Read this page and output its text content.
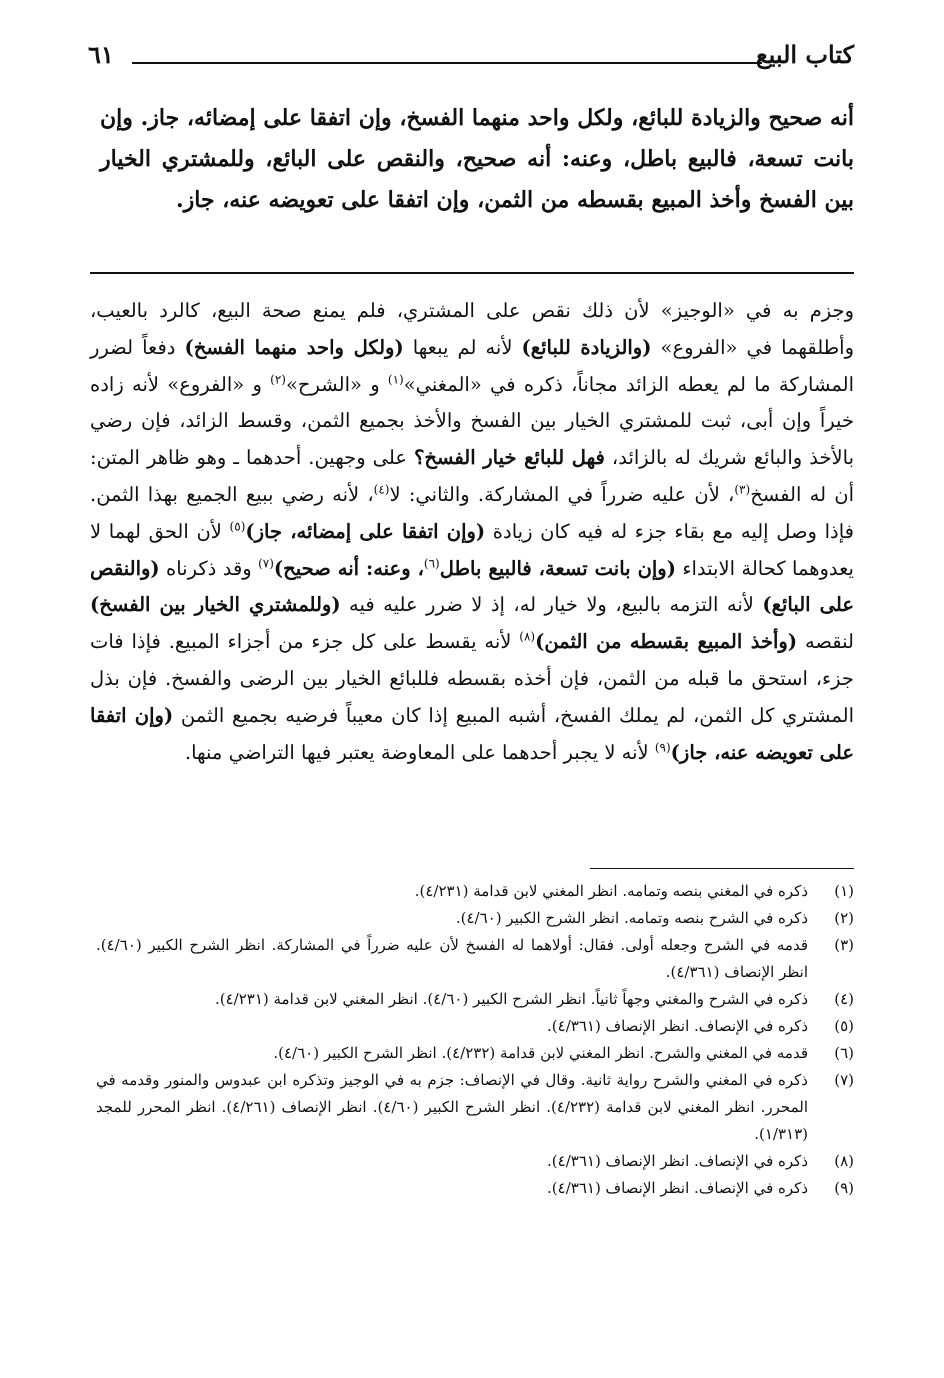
كتاب البيع
٦١
أنه صحيح والزيادة للبائع، ولكل واحد منهما الفسخ، وإن اتفقا على إمضائه، جاز. وإن بانت تسعة، فالبيع باطل، وعنه: أنه صحيح، والنقص على البائع، وللمشتري الخيار بين الفسخ وأخذ المبيع بقسطه من الثمن، وإن اتفقا على تعويضه عنه، جاز.

وجزم به في «الوجيز» لأن ذلك نقص على المشتري، فلم يمنع صحة البيع، كالرد بالعيب، وأطلقهما في «الفروع» (والزيادة للبائع) لأنه لم يبعها (ولكل واحد منهما الفسخ) دفعاً لضرر المشاركة ما لم يعطه الزائد مجاناً، ذكره في «المغني»$^{(١)}$ و «الشرح»$^{(٢)}$ و «الفروع» لأنه زاده خيراً وإن أبى، ثبت للمشتري الخيار بين الفسخ والأخذ بجميع الثمن، وقسط الزائد، فإن رضي بالأخذ والبائع شريك له بالزائد، فهل للبائع خيار الفسخ؟ على وجهين. أحدهما ـ وهو ظاهر المتن: أن له الفسخ$^{(٣)}$، لأن عليه ضرراً في المشاركة. والثاني: لا$^{(٤)}$، لأنه رضي ببيع الجميع بهذا الثمن. فإذا وصل إليه مع بقاء جزء له فيه كان زيادة (وإن اتفقا على إمضائه، جاز)$^{(٥)}$ لأن الحق لهما لا يعدوهما كحالة الابتداء (وإن بانت تسعة، فالبيع باطل$^{(٦)}$، وعنه: أنه صحيح)$^{(٧)}$ وقد ذكرناه (والنقص على البائع) لأنه التزمه بالبيع، ولا خيار له، إذ لا ضرر عليه فيه (وللمشتري الخيار بين الفسخ) لنقصه (وأخذ المبيع بقسطه من الثمن)$^{(٨)}$ لأنه يقسط على كل جزء من أجزاء المبيع. فإذا فات جزء، استحق ما قبله من الثمن، فإن أخذه بقسطه فللبائع الخيار بين الرضى والفسخ. فإن بذل المشتري كل الثمن، لم يملك الفسخ، أشبه المبيع إذا كان معيباً فرضيه بجميع الثمن (وإن اتفقا على تعويضه عنه، جاز)$^{(٩)}$ لأنه لا يجبر أحدهما على المعاوضة يعتبر فيها التراضي منها.

(١)
ذكره في المغني بنصه وتمامه. انظر المغني لابن قدامة (٤/٢٣١).
(٢)
ذكره في الشرح بنصه وتمامه. انظر الشرح الكبير (٤/٦٠).
(٣)
قدمه في الشرح وجعله أولى. فقال: أولاهما له الفسخ لأن عليه ضرراً في المشاركة. انظر الشرح الكبير (٤/٦٠). انظر الإنصاف (٤/٣٦١).
(٤)
ذكره في الشرح والمغني وجهاً ثانياً. انظر الشرح الكبير (٤/٦٠). انظر المغني لابن قدامة (٤/٢٣١).
(٥)
ذكره في الإنصاف. انظر الإنصاف (٤/٣٦١).
(٦)
قدمه في المغني والشرح. انظر المغني لابن قدامة (٤/٢٣٢). انظر الشرح الكبير (٤/٦٠).
(٧)
ذكره في المغني والشرح رواية ثانية. وقال في الإنصاف: جزم به في الوجيز وتذكره ابن عبدوس والمنور وقدمه في المحرر. انظر المغني لابن قدامة (٤/٢٣٢). انظر الشرح الكبير (٤/٦٠). انظر الإنصاف (٤/٢٦١). انظر المحرر للمجد (١/٣١٣).
(٨)
ذكره في الإنصاف. انظر الإنصاف (٤/٣٦١).
(٩)
ذكره في الإنصاف. انظر الإنصاف (٤/٣٦١).
